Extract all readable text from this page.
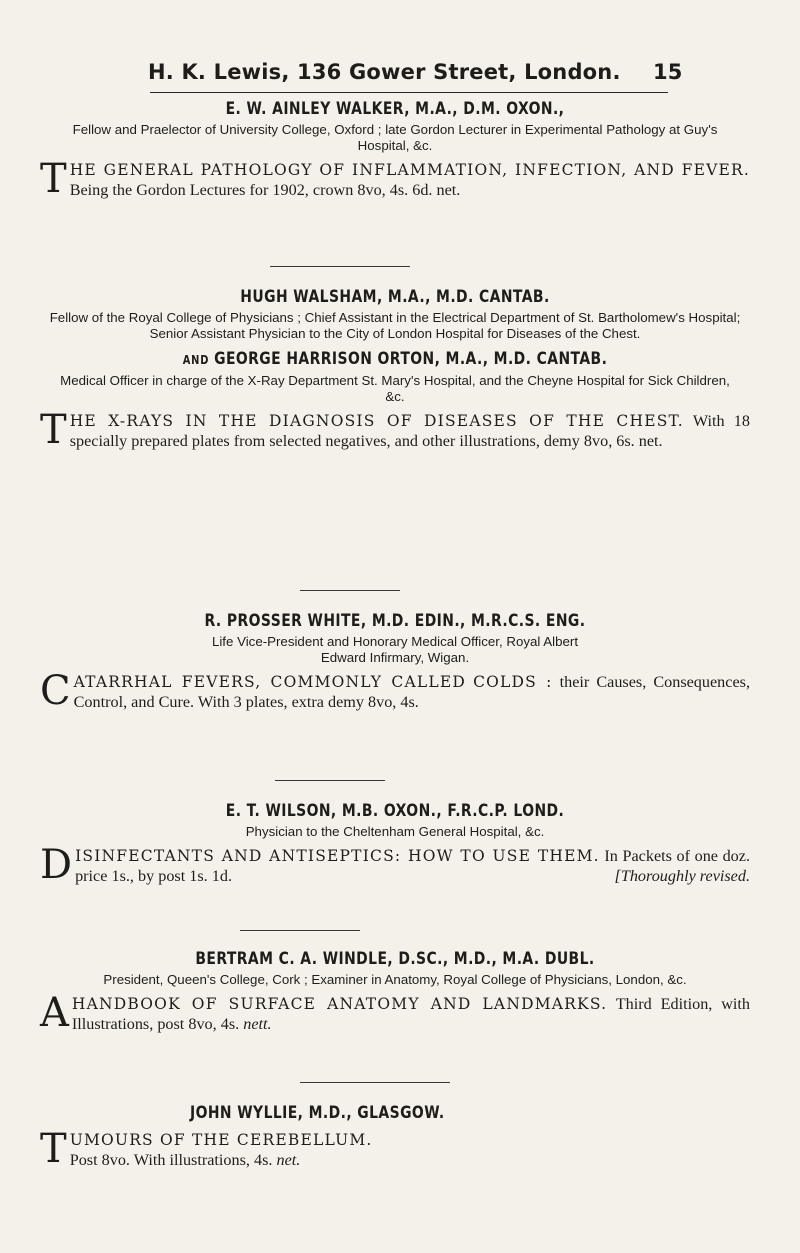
H. K. Lewis, 136 Gower Street, London. 15
E. W. AINLEY WALKER, M.A., D.M. OXON.,
Fellow and Praelector of University College, Oxford ; late Gordon Lecturer in Experimental Pathology at Guy's Hospital, &c.
T HE GENERAL PATHOLOGY OF INFLAMMATION, INFECTION, AND FEVER. Being the Gordon Lectures for 1902, crown 8vo, 4s. 6d. net.
HUGH WALSHAM, M.A., M.D. CANTAB.
Fellow of the Royal College of Physicians ; Chief Assistant in the Electrical Department of St. Bartholomew's Hospital; Senior Assistant Physician to the City of London Hospital for Diseases of the Chest.
AND GEORGE HARRISON ORTON, M.A., M.D. CANTAB.
Medical Officer in charge of the X-Ray Department St. Mary's Hospital, and the Cheyne Hospital for Sick Children, &c.
T HE X-RAYS IN THE DIAGNOSIS OF DISEASES OF THE CHEST. With 18 specially prepared plates from selected negatives, and other illustrations, demy 8vo, 6s. net.
R. PROSSER WHITE, M.D. EDIN., M.R.C.S. ENG.
Life Vice-President and Honorary Medical Officer, Royal Albert Edward Infirmary, Wigan.
C ATARRHAL FEVERS, COMMONLY CALLED COLDS : their Causes, Consequences, Control, and Cure. With 3 plates, extra demy 8vo, 4s.
E. T. WILSON, M.B. OXON., F.R.C.P. LOND.
Physician to the Cheltenham General Hospital, &c.
D ISINFECTANTS AND ANTISEPTICS: HOW TO USE THEM. In Packets of one doz. price 1s., by post 1s. 1d.	[Thoroughly revised.
BERTRAM C. A. WINDLE, D.SC., M.D., M.A. DUBL.
President, Queen's College, Cork ; Examiner in Anatomy, Royal College of Physicians, London, &c.
A HANDBOOK OF SURFACE ANATOMY AND LANDMARKS. Third Edition, with Illustrations, post 8vo, 4s. nett.
JOHN WYLLIE, M.D., GLASGOW.
T UMOURS OF THE CEREBELLUM.
Post 8vo. With illustrations, 4s. net.
